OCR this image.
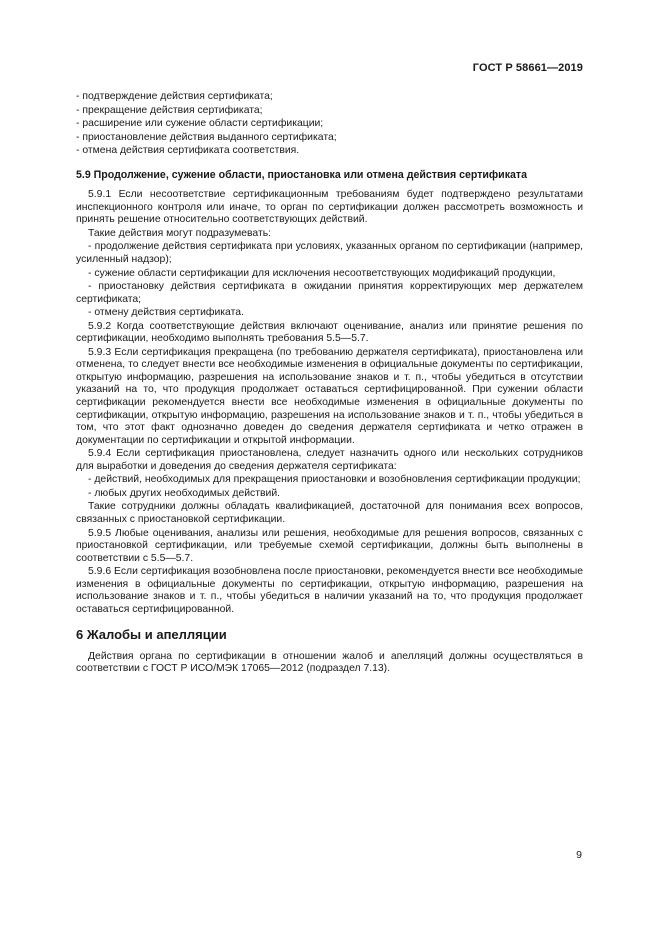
ГОСТ Р 58661—2019
- подтверждение действия сертификата;
- прекращение действия сертификата;
- расширение или сужение области сертификации;
- приостановление действия выданного сертификата;
- отмена действия сертификата соответствия.
5.9 Продолжение, сужение области, приостановка или отмена действия сертификата
5.9.1 Если несоответствие сертификационным требованиям будет подтверждено результатами инспекционного контроля или иначе, то орган по сертификации должен рассмотреть возможность и принять решение относительно соответствующих действий.
Такие действия могут подразумевать:
- продолжение действия сертификата при условиях, указанных органом по сертификации (например, усиленный надзор);
- сужение области сертификации для исключения несоответствующих модификаций продукции,
- приостановку действия сертификата в ожидании принятия корректирующих мер держателем сертификата;
- отмену действия сертификата.
5.9.2 Когда соответствующие действия включают оценивание, анализ или принятие решения по сертификации, необходимо выполнять требования 5.5—5.7.
5.9.3 Если сертификация прекращена (по требованию держателя сертификата), приостановлена или отменена, то следует внести все необходимые изменения в официальные документы по сертификации, открытую информацию, разрешения на использование знаков и т. п., чтобы убедиться в отсутствии указаний на то, что продукция продолжает оставаться сертифицированной. При сужении области сертификации рекомендуется внести все необходимые изменения в официальные документы по сертификации, открытую информацию, разрешения на использование знаков и т. п., чтобы убедиться в том, что этот факт однозначно доведен до сведения держателя сертификата и четко отражен в документации по сертификации и открытой информации.
5.9.4 Если сертификация приостановлена, следует назначить одного или нескольких сотрудников для выработки и доведения до сведения держателя сертификата:
- действий, необходимых для прекращения приостановки и возобновления сертификации продукции;
- любых других необходимых действий.
Такие сотрудники должны обладать квалификацией, достаточной для понимания всех вопросов, связанных с приостановкой сертификации.
5.9.5 Любые оценивания, анализы или решения, необходимые для решения вопросов, связанных с приостановкой сертификации, или требуемые схемой сертификации, должны быть выполнены в соответствии с 5.5—5.7.
5.9.6 Если сертификация возобновлена после приостановки, рекомендуется внести все необходимые изменения в официальные документы по сертификации, открытую информацию, разрешения на использование знаков и т. п., чтобы убедиться в наличии указаний на то, что продукция продолжает оставаться сертифицированной.
6 Жалобы и апелляции
Действия органа по сертификации в отношении жалоб и апелляций должны осуществляться в соответствии с ГОСТ Р ИСО/МЭК 17065—2012 (подраздел 7.13).
9
